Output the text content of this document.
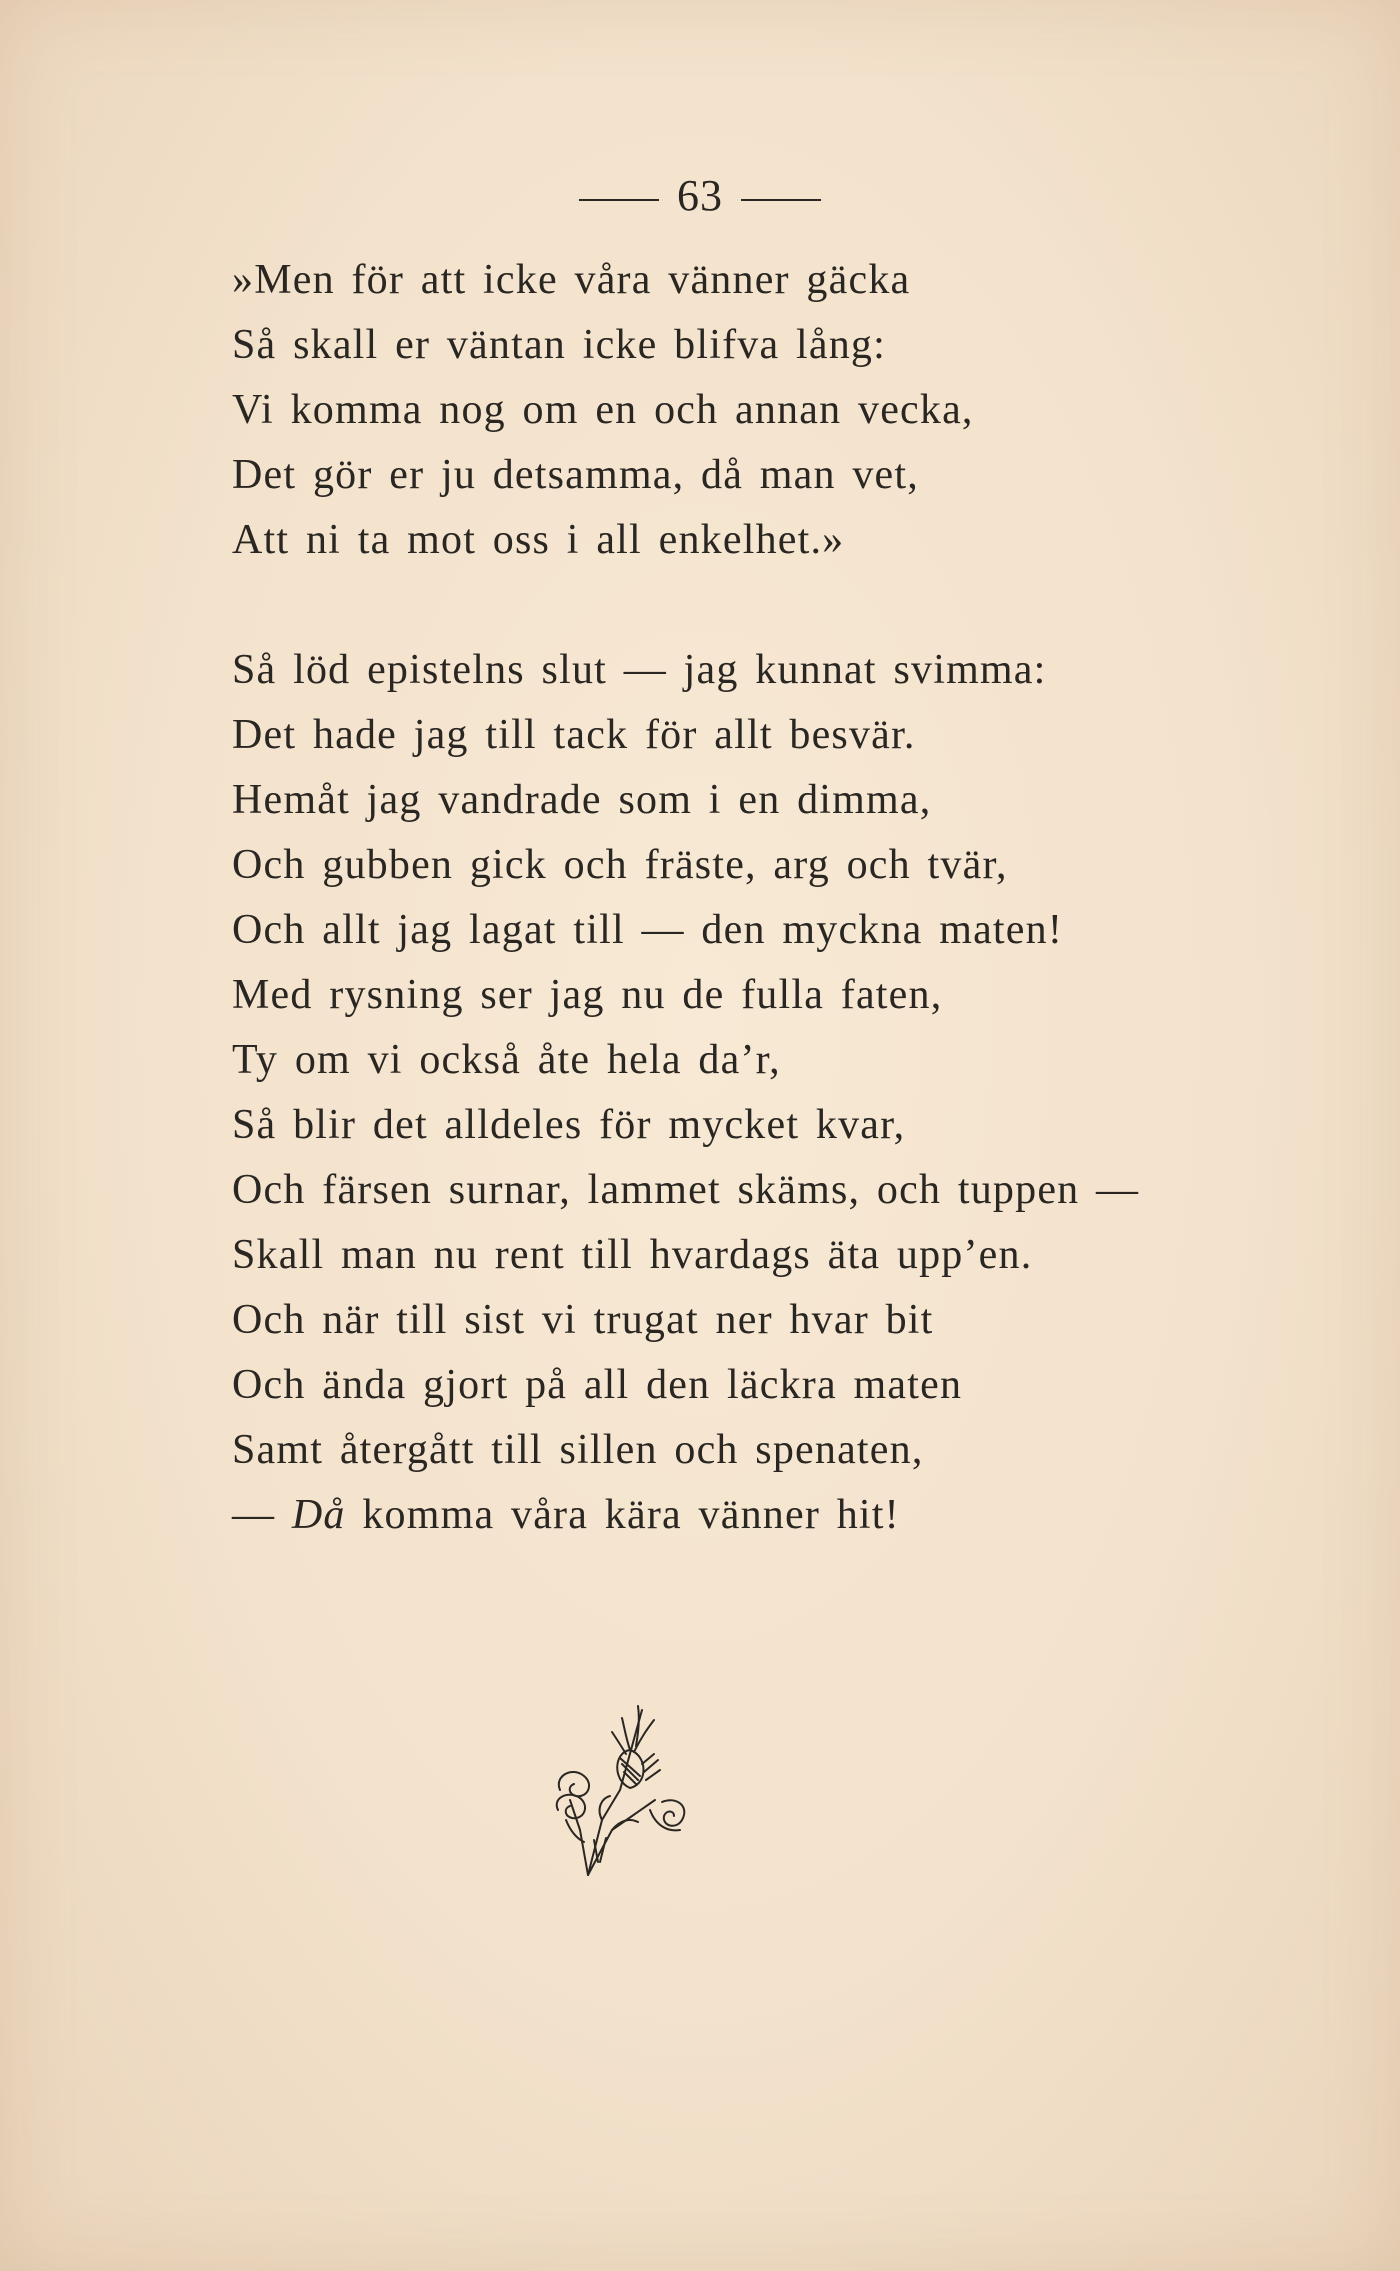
63
»Men för att icke våra vänner gäcka
Så skall er väntan icke blifva lång:
Vi komma nog om en och annan vecka,
Det gör er ju detsamma, då man vet,
Att ni ta mot oss i all enkelhet.»
Så löd epistelns slut — jag kunnat svimma:
Det hade jag till tack för allt besvär.
Hemåt jag vandrade som i en dimma,
Och gubben gick och fräste, arg och tvär,
Och allt jag lagat till — den myckna maten!
Med rysning ser jag nu de fulla faten,
Ty om vi också åte hela da’r,
Så blir det alldeles för mycket kvar,
Och färsen surnar, lammet skäms, och tuppen —
Skall man nu rent till hvardags äta upp’en.
Och när till sist vi trugat ner hvar bit
Och ända gjort på all den läckra maten
Samt återgått till sillen och spenaten,
— Då komma våra kära vänner hit!
